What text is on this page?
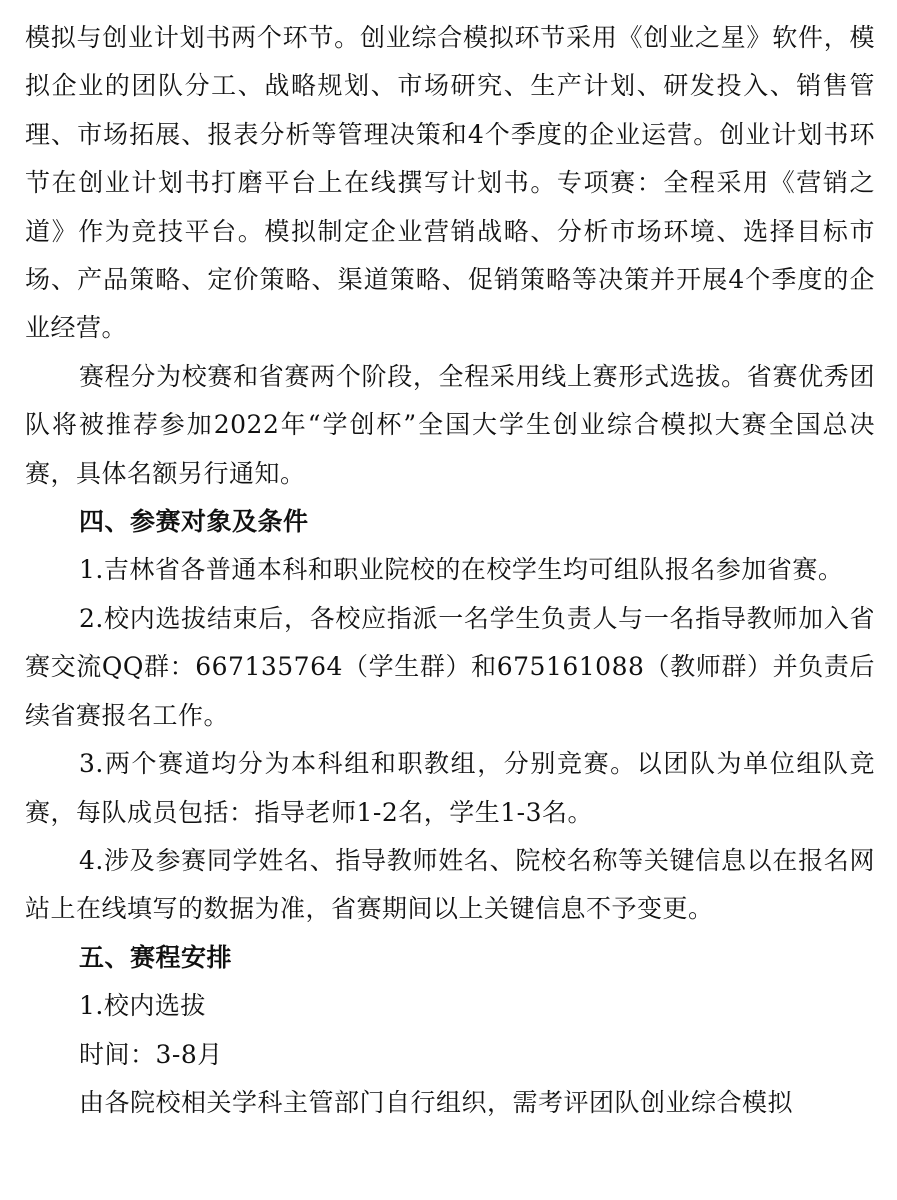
模拟与创业计划书两个环节。创业综合模拟环节采用《创业之星》软件，模拟企业的团队分工、战略规划、市场研究、生产计划、研发投入、销售管理、市场拓展、报表分析等管理决策和4个季度的企业运营。创业计划书环节在创业计划书打磨平台上在线撰写计划书。专项赛：全程采用《营销之道》作为竞技平台。模拟制定企业营销战略、分析市场环境、选择目标市场、产品策略、定价策略、渠道策略、促销策略等决策并开展4个季度的企业经营。

赛程分为校赛和省赛两个阶段，全程采用线上赛形式选拔。省赛优秀团队将被推荐参加2022年“学创杯”全国大学生创业综合模拟大赛全国总决赛，具体名额另行通知。

四、参赛对象及条件

1.吉林省各普通本科和职业院校的在校学生均可组队报名参加省赛。

2.校内选拔结束后，各校应指派一名学生负责人与一名指导教师加入省赛交流QQ群：667135764（学生群）和675161088（教师群）并负责后续省赛报名工作。

3.两个赛道均分为本科组和职教组，分别竞赛。以团队为单位组队竞赛，每队成员包括：指导老师1-2名，学生1-3名。

4.涉及参赛同学姓名、指导教师姓名、院校名称等关键信息以在报名网站上在线填写的数据为准，省赛期间以上关键信息不予变更。

五、赛程安排

1.校内选拔

时间：3-8月

由各院校相关学科主管部门自行组织，需考评团队创业综合模拟
